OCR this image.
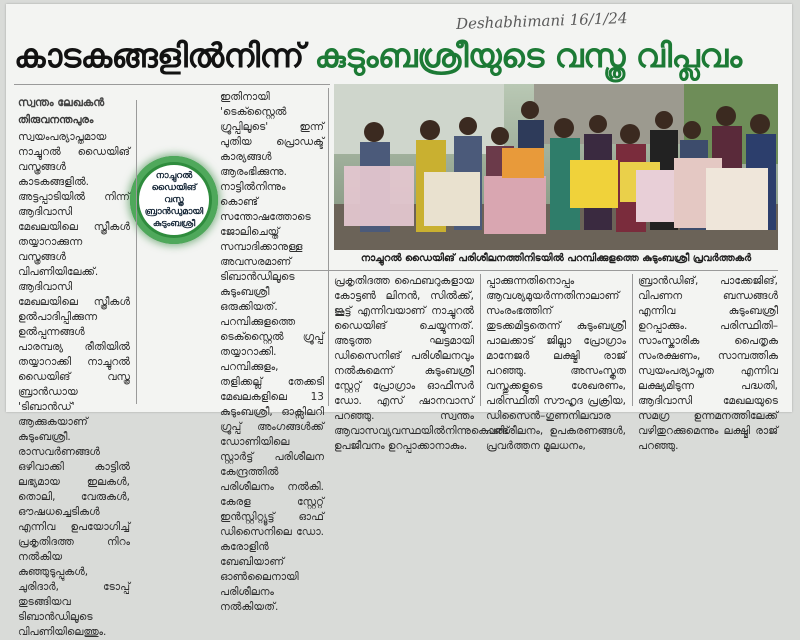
Deshabhimani 16/1/24
കാടകങ്ങളിൽനിന്ന് കുടുംബശ്രീയുടെ വസ്ത്ര വിപ്ലവം
സ്വന്തം ലേഖകൻ
തിരുവനന്തപുരം
സ്വയംപര്യാപ്തമായ നാച്ചുറൽ ഡൈയിങ് വസ്ത്രങ്ങൾ കാടകങ്ങളിൽ. അട്ടപ്പാടിയിൽ നിന്ന് ആദിവാസി മേഖലയിലെ സ്ത്രീകൾ തയ്യാറാക്കുന്ന വസ്ത്രങ്ങൾ വിപണിയിലേക്ക്. ആദിവാസി മേഖലയിലെ സ്ത്രീകൾ ഉൽപാദിപ്പിക്കുന്ന ഉൽപ്പന്നങ്ങൾ പാരമ്പര്യ രീതിയിൽ തയ്യാറാക്കി നാച്ചുറൽ ഡൈയിങ് വസ്ത്ര ബ്രാൻഡായ 'ടിബാൻഡ്' ആക്കുകയാണ് കുടുംബശ്രീ. രാസവർണങ്ങൾ ഒഴിവാക്കി കാട്ടിൽ ലഭ്യമായ ഇലകൾ, തൊലി, വേരുകൾ, ഔഷധച്ചെടികൾ എന്നിവ ഉപയോഗിച്ച് പ്രകൃതിദത്ത നിറം നൽകിയ കുഞ്ഞുടുപ്പുകൾ, ചുരിദാർ, ടോപ്പ് തുടങ്ങിയവ ടിബാൻഡിലൂടെ വിപണിയിലെത്തും.
നാച്ചുറൽ ഡൈയിങ് വസ്ത്ര ബ്രാൻഡുമായി കുടുംബശ്രീ
ഇതിനായി 'ടെക്സ്റ്റൈൽ ഗ്രൂപ്പിലൂടെ' ഇന്ന് പുതിയ പ്രൊഡക്ട് കാര്യങ്ങൾ ആരംഭിക്കുന്നു. നാട്ടിൽനിന്നും കൊണ്ട് സന്തോഷത്തോടെ ജോലിചെയ്ത് സമ്പാദിക്കാനുള്ള അവസരമാണ് ടിബാൻഡിലൂടെ കുടുംബശ്രീ ഒരുക്കിയത്. പറമ്പിക്കുളത്തെ ടെക്സ്റ്റൈൽ ഗ്രൂപ്പ് തയ്യാറാക്കി. പറമ്പിക്കുളം, തളിക്കല്ല് തേക്കടി മേഖലകളിലെ 13 കുടുംബശ്രീ, ഓക്സിലറി ഗ്രൂപ്പ് അംഗങ്ങൾക്ക് ഡോണിയിലെ സ്റ്റാർട്ട് പരിശീലന കേന്ദ്രത്തിൽ പരിശീലനം നൽകി. കേരള സ്റ്റേറ്റ് ഇൻസ്റ്റിറ്റ്യൂട്ട് ഓഫ് ഡിസൈനിലെ ഡോ. കരോളിൻ ബേബിയാണ് ഓൺലൈനായി പരിശീലനം നൽകിയത്.
നാച്ചുറൽ ഡൈയിങ് പരിശീലനത്തിനിടയിൽ പറമ്പിക്കുളത്തെ കുടുംബശ്രീ പ്രവർത്തകർ
പ്രകൃതിദത്ത ഫൈബറുകളായ കോട്ടൺ ലിനൻ, സിൽക്ക്, ജൂട്ട് എന്നിവയാണ് നാച്ചുറൽ ഡൈയിങ് ചെയ്യുന്നത്. അടുത്ത ഘട്ടമായി ഡിസൈനിങ് പരിശീലനവും നൽകുമെന്ന് കുടുംബശ്രീ സ്റ്റേറ്റ് പ്രോഗ്രാം ഓഫീസർ ഡോ. എസ് ഷാനവാസ് പറഞ്ഞു. സ്വന്തം ആവാസവ്യവസ്ഥയിൽനിന്നുകൊണ്ട് ഉപജീവനം ഉറപ്പാക്കാനാകും.
പ്പാക്കുന്നതിനൊപ്പം ആവശ്യമുയർന്നതിനാലാണ് സംരംഭത്തിന് തുടക്കമിട്ടതെന്ന് കുടുംബശ്രീ പാലക്കാട് ജില്ലാ പ്രോഗ്രാം മാനേജർ ലക്ഷ്മി രാജ് പറഞ്ഞു. അസംസ്കൃത വസ്തുക്കളുടെ ശേഖരണം, പരിസ്ഥിതി സൗഹൃദ പ്രക്രിയ, ഡിസൈൻ–ഗുണനിലവാര പരിശീലനം, ഉപകരണങ്ങൾ, പ്രവർത്തന മൂലധനം,
ബ്രാൻഡിങ്, പാക്കേജിങ്, വിപണന ബന്ധങ്ങൾ എന്നിവ കുടുംബശ്രീ ഉറപ്പാക്കും. പരിസ്ഥിതി–സാംസ്കാരിക പൈതൃക സംരക്ഷണം, സാമ്പത്തിക സ്വയംപര്യാപ്തത എന്നിവ ലക്ഷ്യമിടുന്ന പദ്ധതി, ആദിവാസി മേഖലയുടെ സമഗ്ര ഉന്നമനത്തിലേക്ക് വഴിതുറക്കുമെന്നും ലക്ഷ്മി രാജ് പറഞ്ഞു.
